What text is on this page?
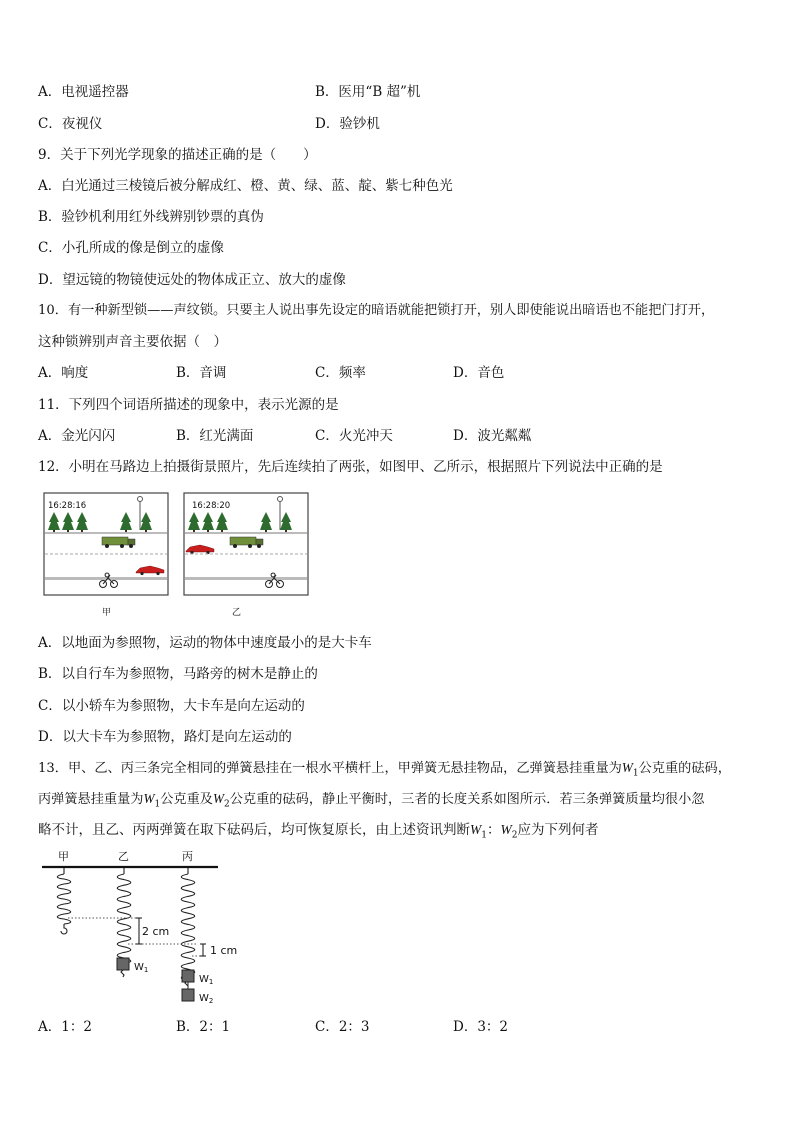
A．电视遥控器	B．医用“B 超”机
C．夜视仪	D．验钞机
9．关于下列光学现象的描述正确的是（　　）
A．白光通过三棱镜后被分解成红、橙、黄、绿、蓝、靛、紫七种色光
B．验钞机利用红外线辨别钞票的真伪
C．小孔所成的像是倒立的虚像
D．望远镜的物镜使远处的物体成正立、放大的虚像
10．有一种新型锁——声纹锁。只要主人说出事先设定的暗语就能把锁打开，别人即使能说出暗语也不能把门打开，
这种锁辨别声音主要依据（　）
A．响度	B．音调	C．频率	D．音色
11．下列四个词语所描述的现象中，表示光源的是
A．金光闪闪	B．红光满面	C．火光冲天	D．波光粼粼
12．小明在马路边上拍摄街景照片，先后连续拍了两张，如图甲、乙所示，根据照片下列说法中正确的是
16:28:16
甲
16:28:20
乙
A．以地面为参照物，运动的物体中速度最小的是大卡车
B．以自行车为参照物，马路旁的树木是静止的
C．以小轿车为参照物，大卡车是向左运动的
D．以大卡车为参照物，路灯是向左运动的
13．甲、乙、丙三条完全相同的弹簧悬挂在一根水平横杆上，甲弹簧无悬挂物品，乙弹簧悬挂重量为$W_1$公克重的砝码，
丙弹簧悬挂重量为$W_1$公克重及$W_2$公克重的砝码，静止平衡时，三者的长度关系如图所示．若三条弹簧质量均很小忽
略不计，且乙、丙两弹簧在取下砝码后，均可恢复原长，由上述资讯判断$W_1$：$W_2$应为下列何者
甲	乙	丙
$W_1$
$W_1$
$W_2$
2 cm
1 cm
A．1：2	B．2：1	C．2：3	D．3：2
